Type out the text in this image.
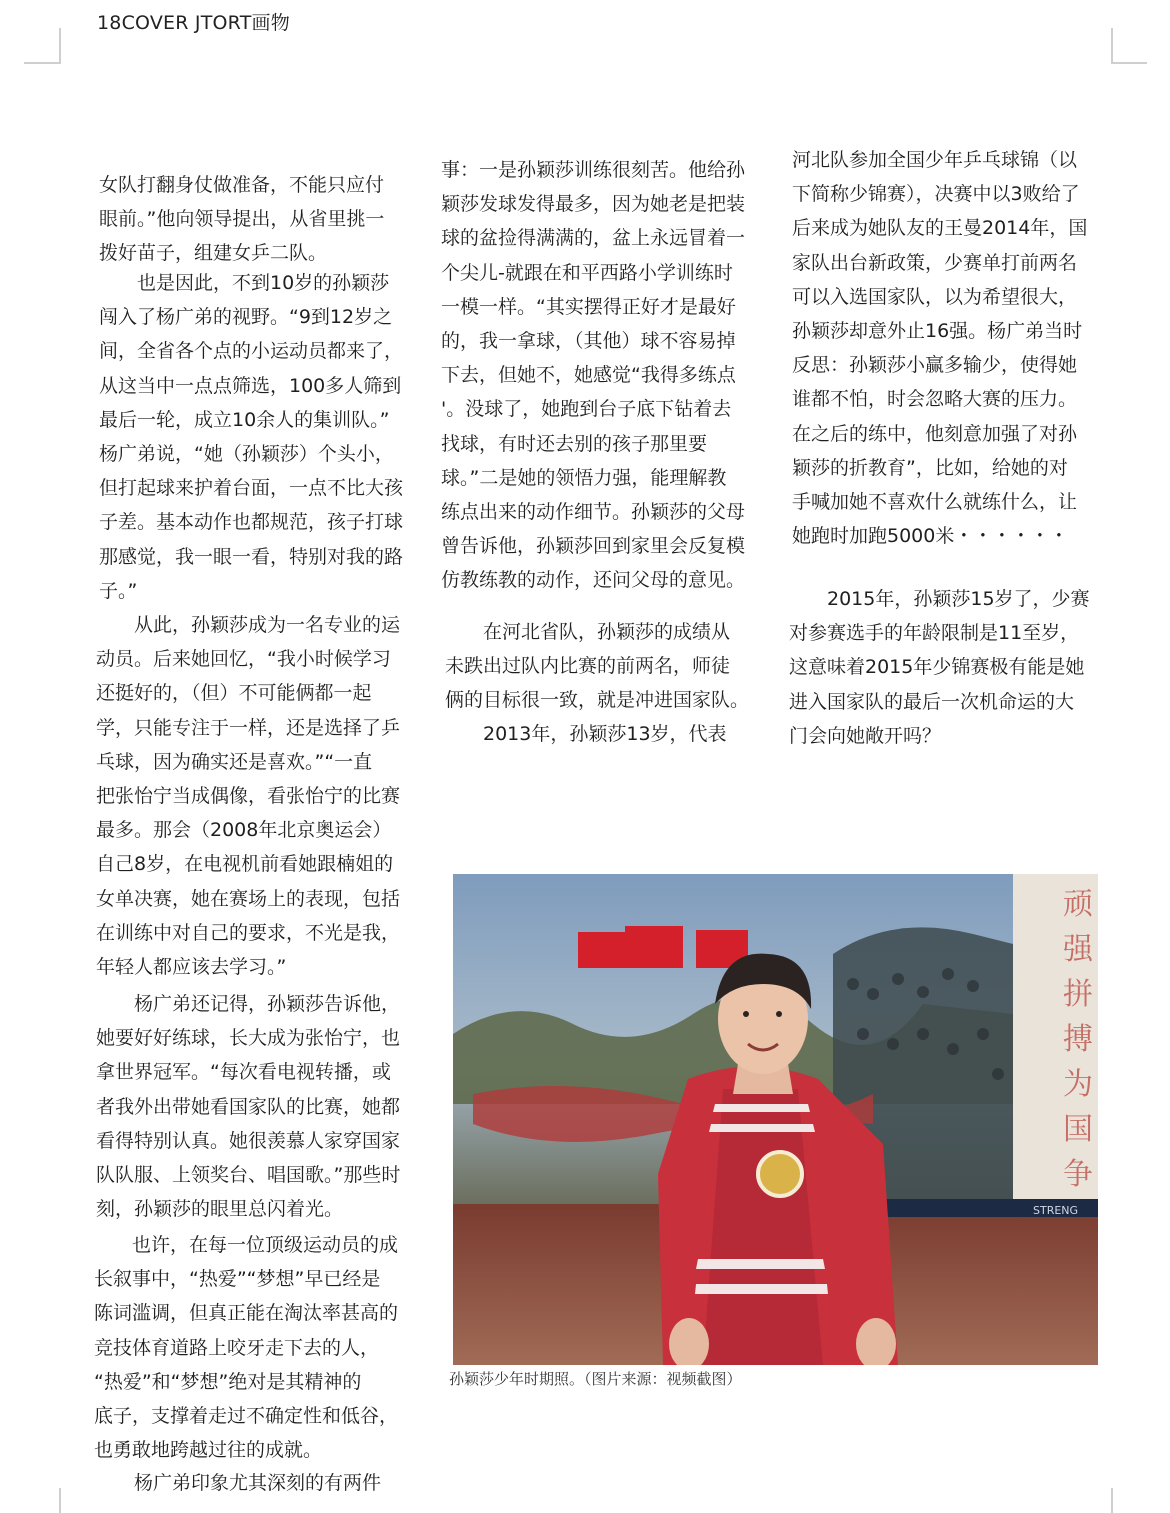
18COVER JTORT画物
女队打翻身仗做准备，不能只应付
眼前。”他向领导提出，从省里挑一
拨好苗子，组建女乒二队。
　　也是因此，不到10岁的孙颖莎
闯入了杨广弟的视野。“9到12岁之
间，全省各个点的小运动员都来了，
从这当中一点点筛选，100多人筛到
最后一轮，成立10余人的集训队。”
杨广弟说，“她（孙颖莎）个头小，
但打起球来护着台面，一点不比大孩
子差。基本动作也都规范，孩子打球
那感觉，我一眼一看，特别对我的路
子。”
　　从此，孙颖莎成为一名专业的运
动员。后来她回忆，“我小时候学习
还挺好的，（但）不可能俩都一起
学，只能专注于一样，还是选择了乒
乓球，因为确实还是喜欢。”“一直
把张怡宁当成偶像，看张怡宁的比赛
最多。那会（2008年北京奥运会）
自己8岁，在电视机前看她跟楠姐的
女单决赛，她在赛场上的表现，包括
在训练中对自己的要求，不光是我，
年轻人都应该去学习。”
　　杨广弟还记得，孙颖莎告诉他，
她要好好练球，长大成为张怡宁，也
拿世界冠军。“每次看电视转播，或
者我外出带她看国家队的比赛，她都
看得特别认真。她很羡慕人家穿国家
队队服、上领奖台、唱国歌。”那些时
刻，孙颖莎的眼里总闪着光。
　　也许，在每一位顶级运动员的成
长叙事中，“热爱”“梦想”早已经是
陈词滥调，但真正能在淘汰率甚高的
竞技体育道路上咬牙走下去的人，
“热爱”和“梦想”绝对是其精神的
底子，支撑着走过不确定性和低谷，
也勇敢地跨越过往的成就。
　　杨广弟印象尤其深刻的有两件
事：一是孙颖莎训练很刻苦。他给孙
颖莎发球发得最多，因为她老是把装
球的盆捡得满满的，盆上永远冒着一
个尖儿-就跟在和平西路小学训练时
一模一样。“其实摆得正好才是最好
的，我一拿球，（其他）球不容易掉
下去，但她不，她感觉“我得多练点
'。没球了，她跑到台子底下钻着去
找球，有时还去别的孩子那里要
球。”二是她的领悟力强，能理解教
练点出来的动作细节。孙颖莎的父母
曾告诉他，孙颖莎回到家里会反复模
仿教练教的动作，还问父母的意见。
　　在河北省队，孙颖莎的成绩从
未跌出过队内比赛的前两名，师徒
俩的目标很一致，就是冲进国家队。
　　2013年，孙颖莎13岁，代表
河北队参加全国少年乒乓球锦（以
下简称少锦赛），决赛中以3败给了
后来成为她队友的王曼2014年，国
家队出台新政策，少赛单打前两名
可以入选国家队，以为希望很大，
孙颖莎却意外止16强。杨广弟当时
反思：孙颖莎小赢多输少，使得她
谁都不怕，时会忽略大赛的压力。
在之后的练中，他刻意加强了对孙
颖莎的折教育”，比如，给她的对
手喊加她不喜欢什么就练什么，让
她跑时加跑5000米・・・・・・
　　2015年，孙颖莎15岁了，少赛
对参赛选手的年龄限制是11至岁，
这意味着2015年少锦赛极有能是她
进入国家队的最后一次机命运的大
门会向她敞开吗？
STRENG
顽
强
拼
搏
为
国
争
孙颖莎少年时期照。（图片来源：视频截图）
